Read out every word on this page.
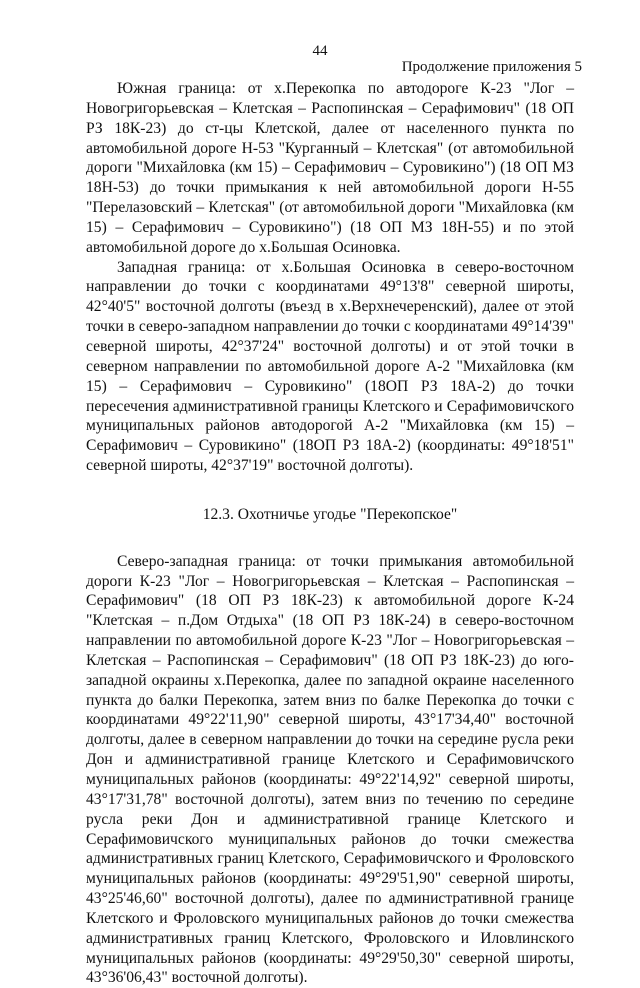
44
Продолжение приложения 5

Южная граница: от х.Перекопка по автодороге К-23 "Лог – Новогригорьевская – Клетская – Распопинская – Серафимович" (18 ОП РЗ 18К-23) до ст-цы Клетской, далее от населенного пункта по автомобильной дороге Н-53 "Курганный – Клетская" (от автомобильной дороги "Михайловка (км 15) – Серафимович – Суровикино") (18 ОП МЗ 18Н-53) до точки примыкания к ней автомобильной дороги Н-55 "Перелазовский – Клетская" (от автомобильной дороги "Михайловка (км 15) – Серафимович – Суровикино") (18 ОП МЗ 18Н-55) и по этой автомобильной дороге до х.Большая Осиновка.

Западная граница: от х.Большая Осиновка в северо-восточном направлении до точки с координатами 49°13'8" северной широты, 42°40'5" восточной долготы (въезд в х.Верхнечеренский), далее от этой точки в северо-западном направлении до точки с координатами 49°14'39" северной широты, 42°37'24" восточной долготы) и от этой точки в северном направлении по автомобильной дороге А-2 "Михайловка (км 15) – Серафимович – Суровикино" (18ОП РЗ 18А-2) до точки пересечения административной границы Клетского и Серафимовичского муниципальных районов автодорогой А-2 "Михайловка (км 15) – Серафимович – Суровикино" (18ОП РЗ 18А-2) (координаты: 49°18'51" северной широты, 42°37'19" восточной долготы).

12.3. Охотничье угодье "Перекопское"

Северо-западная граница: от точки примыкания автомобильной дороги К-23 "Лог – Новогригорьевская – Клетская – Распопинская – Серафимович" (18 ОП РЗ 18К-23) к автомобильной дороге К-24 "Клетская – п.Дом Отдыха" (18 ОП РЗ 18К-24) в северо-восточном направлении по автомобильной дороге К-23 "Лог – Новогригорьевская – Клетская – Распопинская – Серафимович" (18 ОП РЗ 18К-23) до юго-западной окраины х.Перекопка, далее по западной окраине населенного пункта до балки Перекопка, затем вниз по балке Перекопка до точки с координатами 49°22'11,90" северной широты, 43°17'34,40" восточной долготы, далее в северном направлении до точки на середине русла реки Дон и административной границе Клетского и Серафимовичского муниципальных районов (координаты: 49°22'14,92" северной широты, 43°17'31,78" восточной долготы), затем вниз по течению по середине русла реки Дон и административной границе Клетского и Серафимовичского муниципальных районов до точки смежества административных границ Клетского, Серафимовичского и Фроловского муниципальных районов (координаты: 49°29'51,90" северной широты, 43°25'46,60" восточной долготы), далее по административной границе Клетского и Фроловского муниципальных районов до точки смежества административных границ Клетского, Фроловского и Иловлинского муниципальных районов (координаты: 49°29'50,30" северной широты, 43°36'06,43" восточной долготы).
